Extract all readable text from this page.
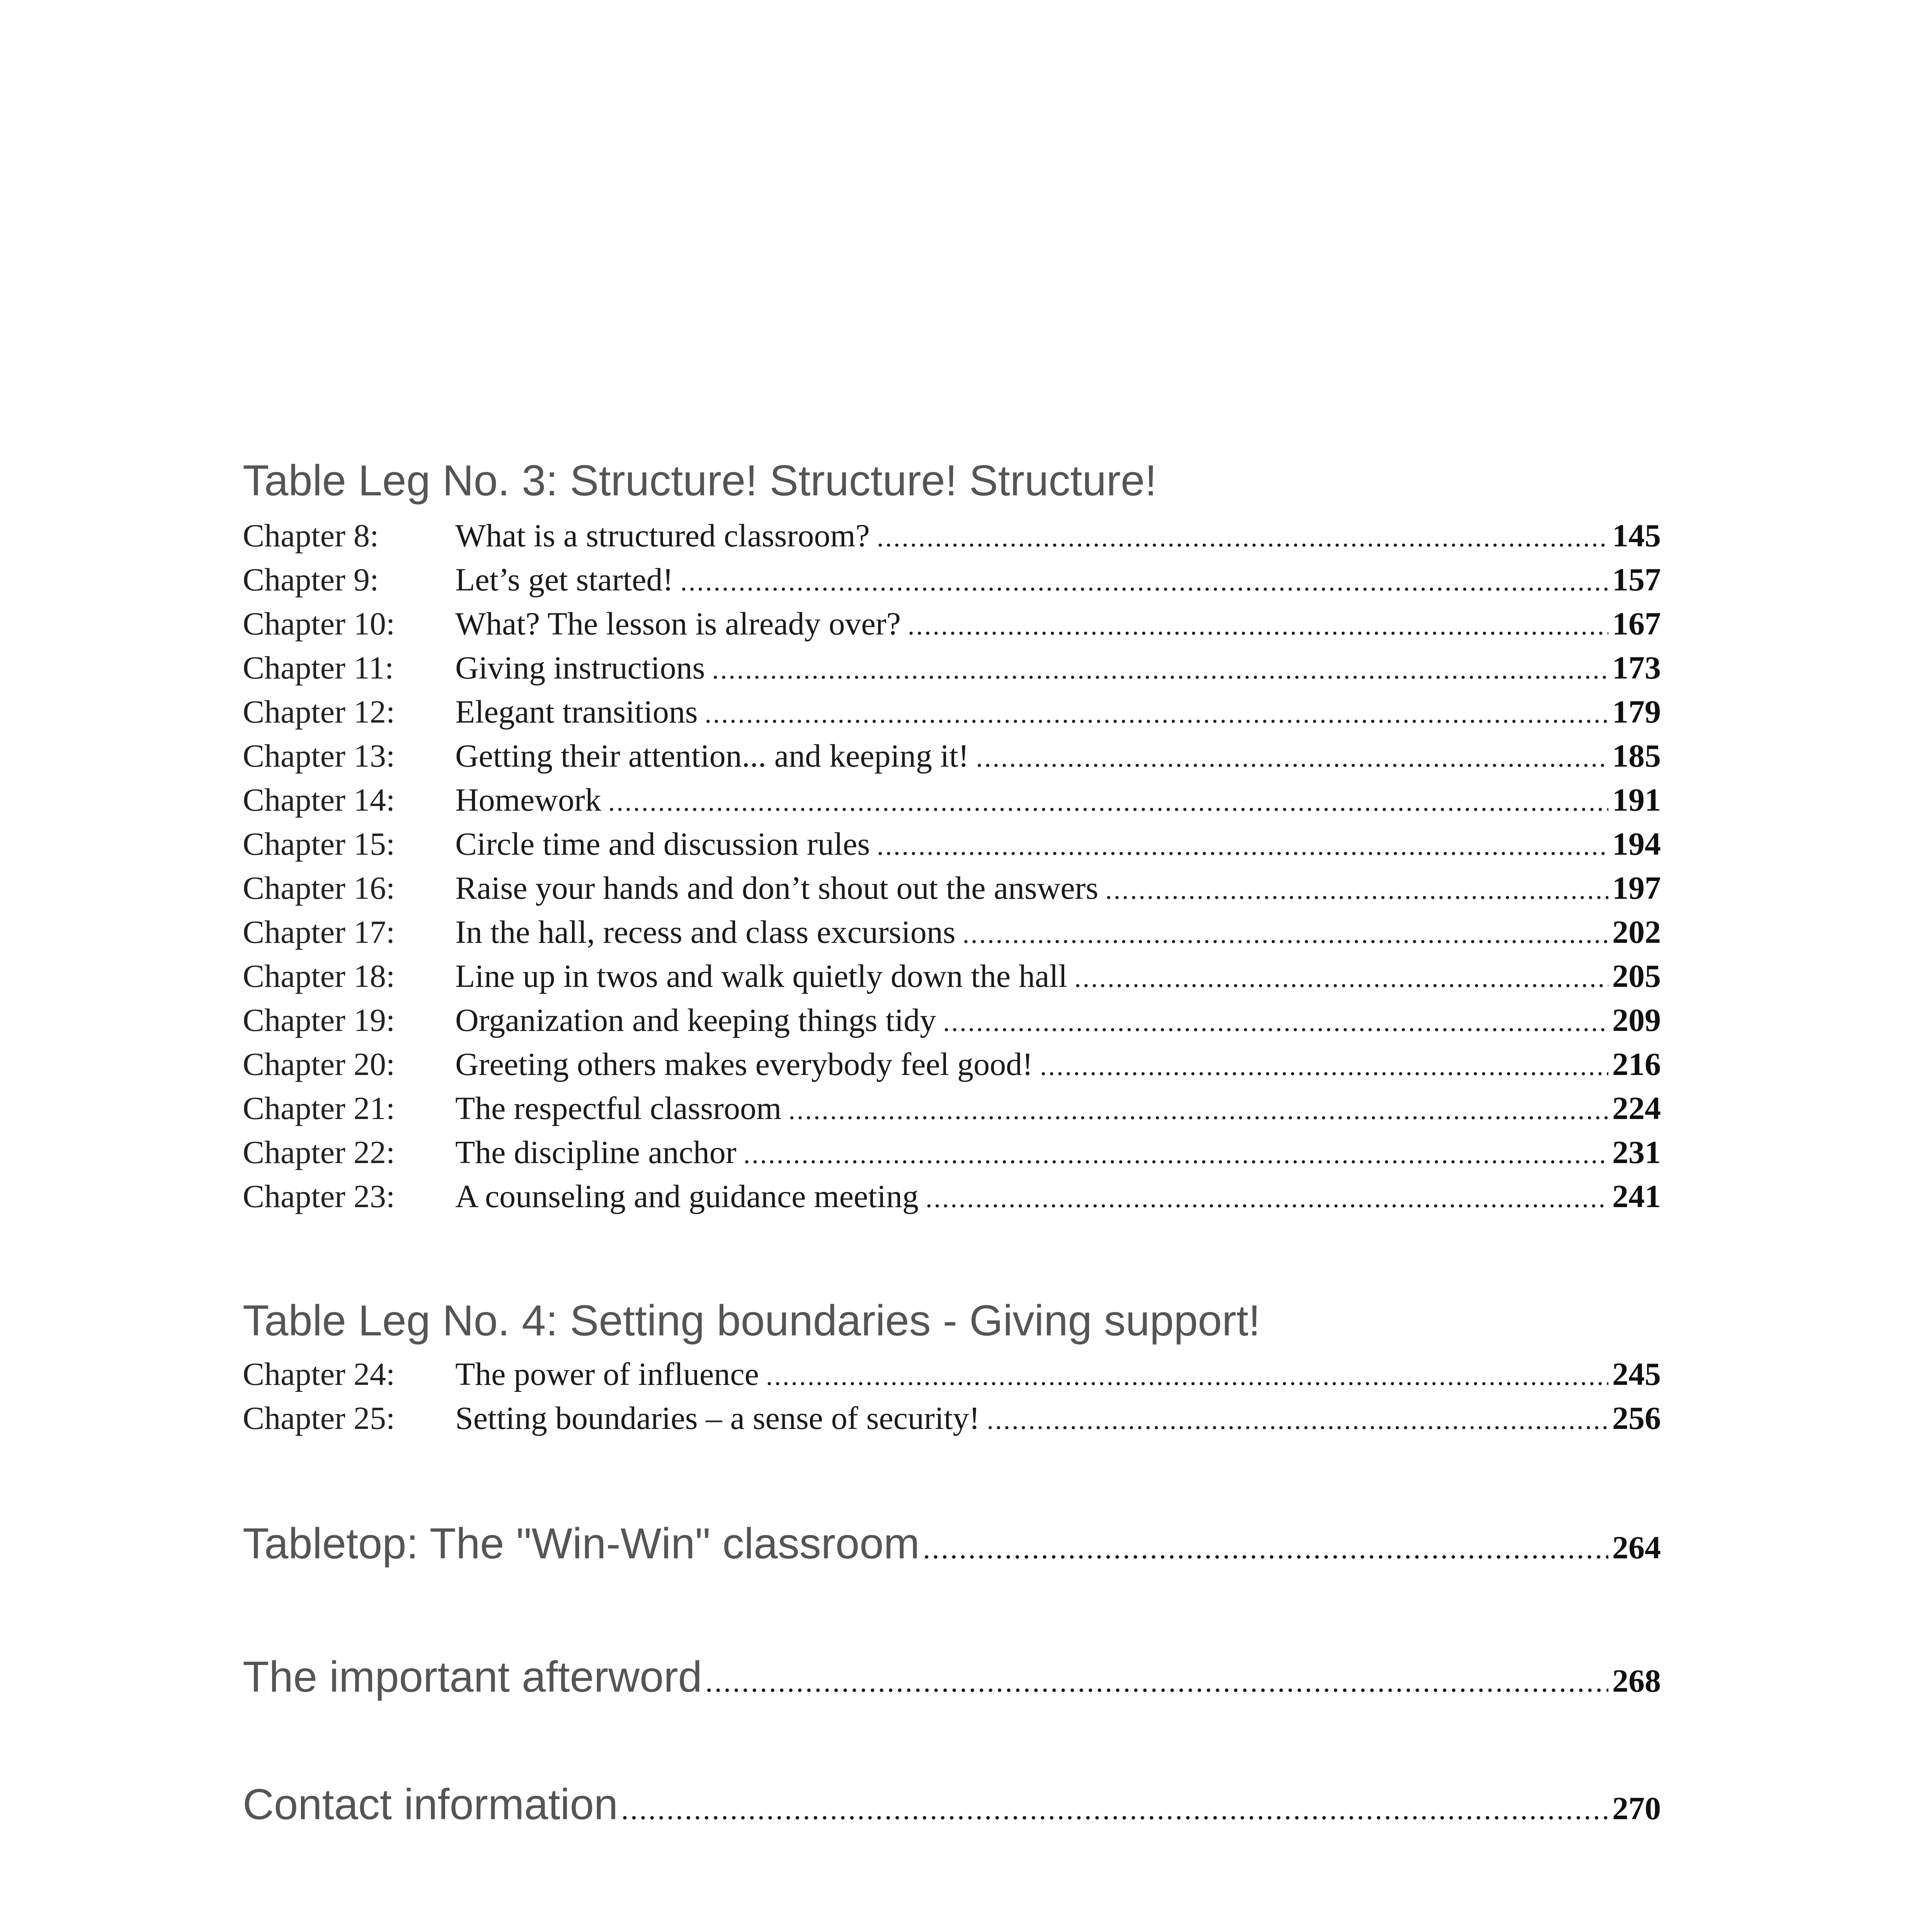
Table Leg No. 3: Structure! Structure! Structure!
Chapter 8:	What is a structured classroom? .....	145
Chapter 9:	Let’s get started! .....	157
Chapter 10:	What? The lesson is already over? .....	167
Chapter 11:	Giving instructions .....	173
Chapter 12:	Elegant transitions .....	179
Chapter 13:	Getting their attention... and keeping it! .....	185
Chapter 14:	Homework .....	191
Chapter 15:	Circle time and discussion rules .....	194
Chapter 16:	Raise your hands and don’t shout out the answers .....	197
Chapter 17:	In the hall, recess and class excursions .....	202
Chapter 18:	Line up in twos and walk quietly down the hall .....	205
Chapter 19:	Organization and keeping things tidy .....	209
Chapter 20:	Greeting others makes everybody feel good! .....	216
Chapter 21:	The respectful classroom .....	224
Chapter 22:	The discipline anchor .....	231
Chapter 23:	A counseling and guidance meeting .....	241
Table Leg No. 4: Setting boundaries - Giving support!
Chapter 24:	The power of influence .....	245
Chapter 25:	Setting boundaries – a sense of security! .....	256
Tabletop: The "Win-Win" classroom .....	264
The important afterword .....	268
Contact information .....	270
